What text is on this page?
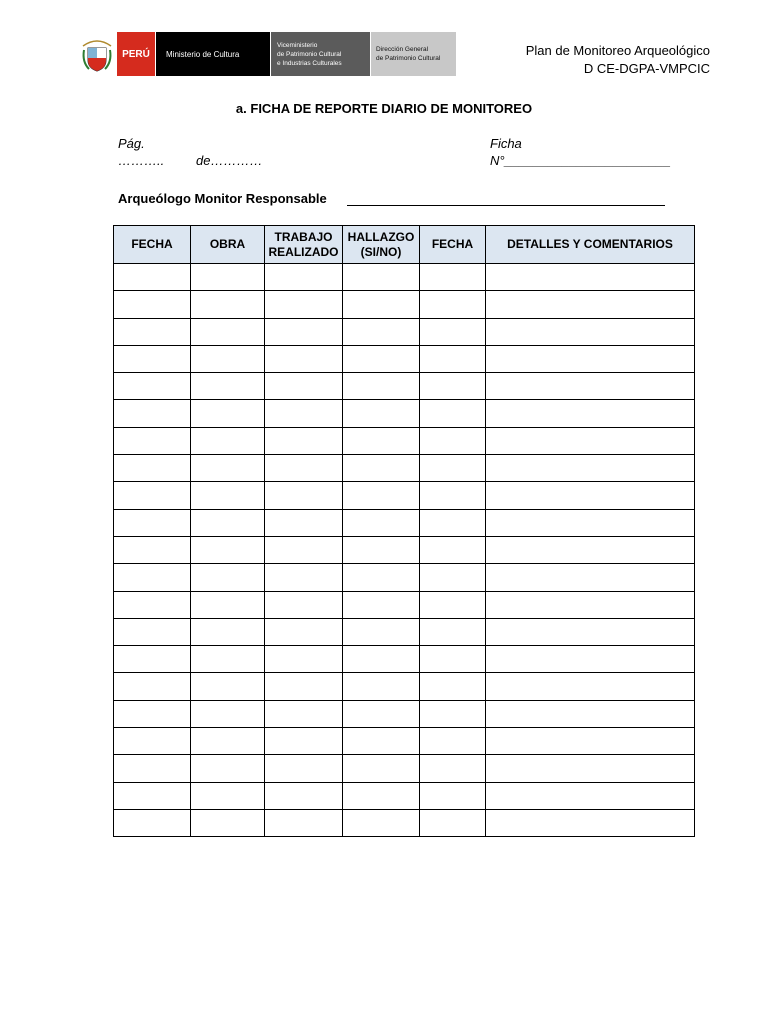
PERÚ	Ministerio de Cultura
Viceministerio
de Patrimonio Cultural
e Industrias Culturales
Dirección General
de Patrimonio Cultural
Plan de Monitoreo Arqueológico
D CE-DGPA-VMPCIC
a. FICHA DE REPORTE DIARIO DE MONITOREO
Pág.
……….. de…………
Ficha
N°_______________________
Arqueólogo Monitor Responsable
FECHA	OBRA	TRABAJO REALIZADO	HALLAZGO (SI/NO)	FECHA	DETALLES Y COMENTARIOS
